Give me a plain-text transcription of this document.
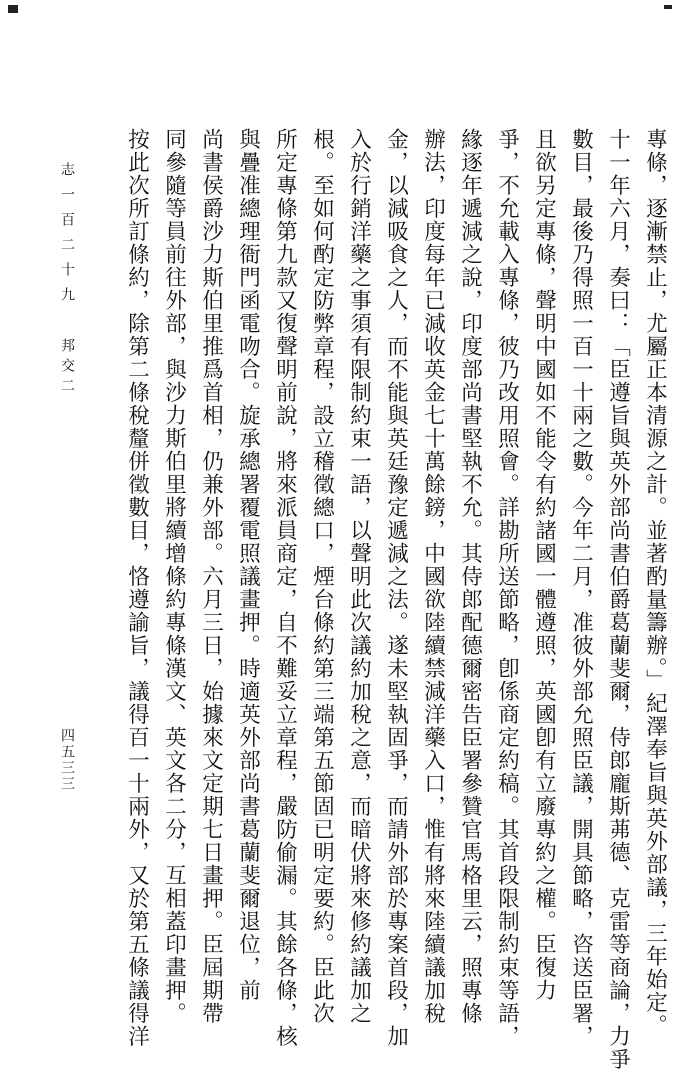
專條，逐漸禁止，尤屬正本清源之計。並著酌量籌辦。」紀澤奉旨與英外部議，三年始定。
十一年六月，奏曰：「臣遵旨與英外部尚書伯爵葛蘭斐爾，侍郎龐斯茀德、克雷等商論，力爭
數目，最後乃得照一百一十兩之數。今年二月，准彼外部允照臣議，開具節略，咨送臣署，
且欲另定專條，聲明中國如不能令有約諸國一體遵照，英國卽有立廢專約之權。臣復力
爭，不允載入專條，彼乃改用照會。詳勘所送節略，卽係商定約稿。其首段限制約束等語，
緣逐年遞減之說，印度部尚書堅執不允。其侍郎配德爾密告臣署參贊官馬格里云，照專條
辦法，印度每年已減收英金七十萬餘鎊，中國欲陸續禁減洋藥入口，惟有將來陸續議加稅
金，以減吸食之人，而不能與英廷豫定遞減之法。遂未堅執固爭，而請外部於專案首段，加
入於行銷洋藥之事須有限制約束一語，以聲明此次議約加稅之意，而暗伏將來修約議加之
根。至如何酌定防弊章程，設立稽徵總口，煙台條約第三端第五節固已明定要約。臣此次
所定專條第九款又復聲明前說，將來派員商定，自不難妥立章程，嚴防偷漏。其餘各條，核
與疊准總理衙門函電吻合。旋承總署覆電照議畫押。時適英外部尚書葛蘭斐爾退位，前
尚書侯爵沙力斯伯里推爲首相，仍兼外部。六月三日，始據來文定期七日畫押。臣屆期帶
同參隨等員前往外部，與沙力斯伯里將續增條約專條漢文、英文各二分，互相蓋印畫押。
按此次所訂條約，除第二條稅釐併徵數目，恪遵諭旨，議得百一十兩外，又於第五條議得洋
志一百二十九
邦交二
四五三三
